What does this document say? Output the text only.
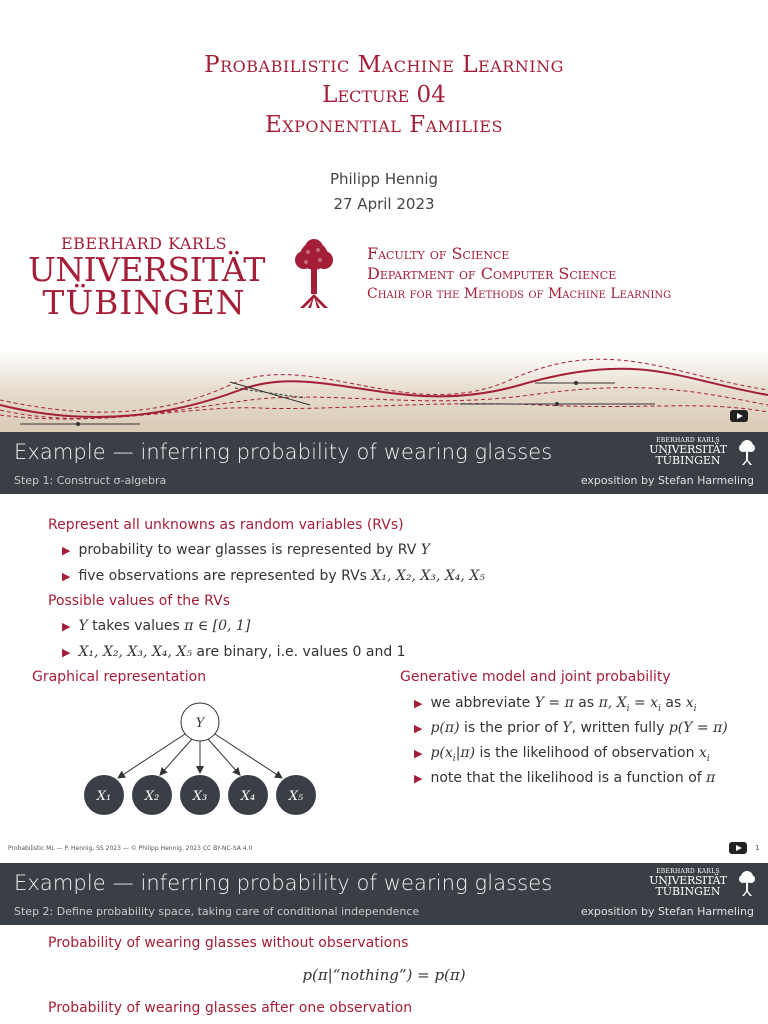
Probabilistic Machine Learning
Lecture 04
Exponential Families
Philipp Hennig
27 April 2023
EBERHARD KARLS
UNIVERSITÄT
TÜBINGEN
Faculty of Science
Department of Computer Science
Chair for the Methods of Machine Learning
Example — inferring probability of wearing glasses
Step 1: Construct σ-algebra	exposition by Stefan Harmeling
EBERHARD KARLS
UNIVERSITÄT
TÜBINGEN
Represent all unknowns as random variables (RVs)
▶ probability to wear glasses is represented by RV Y
▶ five observations are represented by RVs X₁, X₂, X₃, X₄, X₅
Possible values of the RVs
▶ Y takes values π ∈ [0, 1]
▶ X₁, X₂, X₃, X₄, X₅ are binary, i.e. values 0 and 1
Graphical representation
Y
X₁	X₂	X₃	X₄	X₅
Generative model and joint probability
▶ we abbreviate Y = π as π, $X_i = x_i$ as $x_i$
▶ p(π) is the prior of Y, written fully p(Y = π)
▶ $p(x_i|\pi)$ is the likelihood of observation $x_i$
▶ note that the likelihood is a function of π
Probabilistic ML — P. Hennig, SS 2023 — © Philipp Hennig, 2023 CC BY-NC-SA 4.0	1
Example — inferring probability of wearing glasses
Step 2: Define probability space, taking care of conditional independence	exposition by Stefan Harmeling
EBERHARD KARLS
UNIVERSITÄT
TÜBINGEN
Probability of wearing glasses without observations
p(π|“nothing”) = p(π)
Probability of wearing glasses after one observation
